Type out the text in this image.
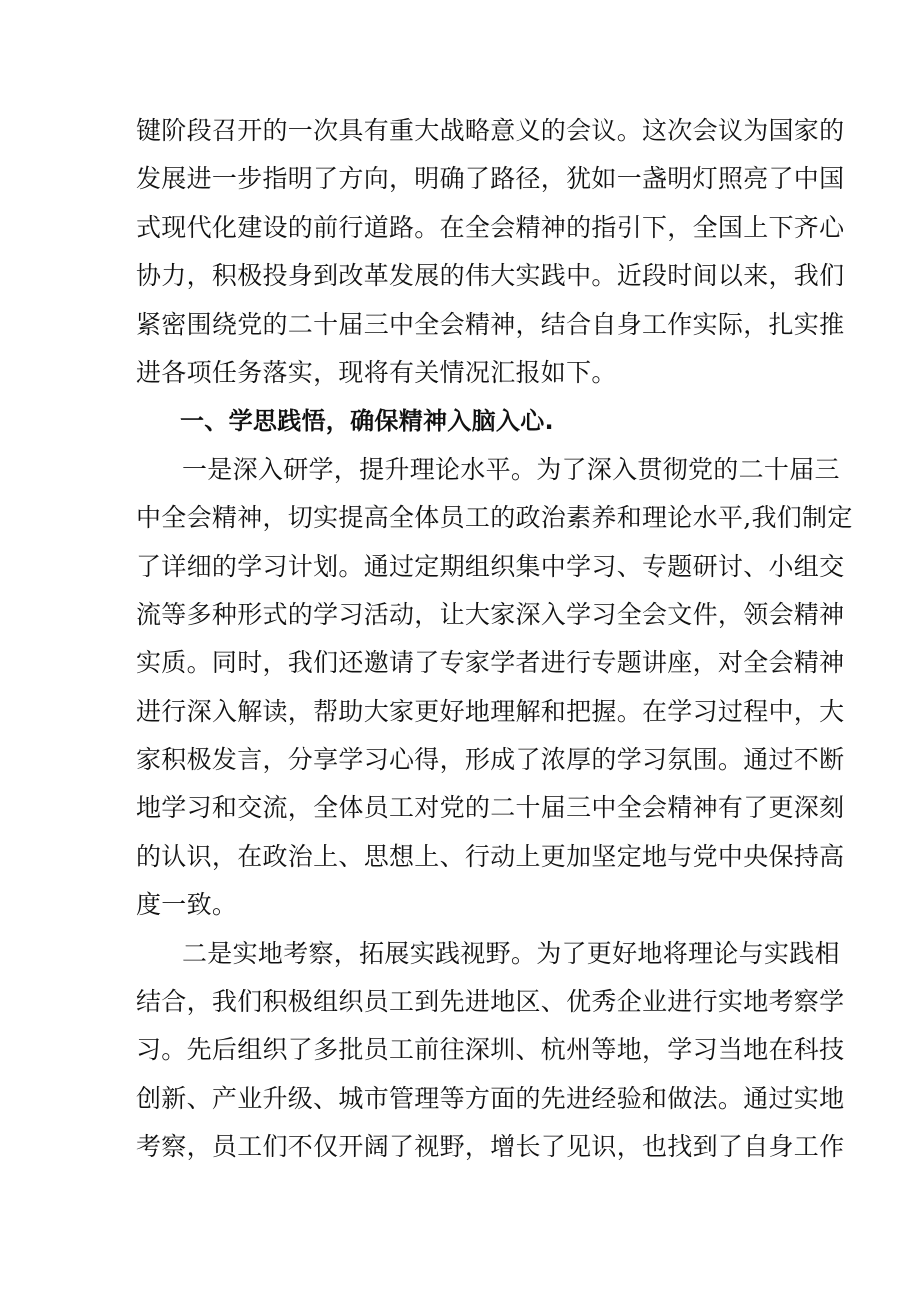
键阶段召开的一次具有重大战略意义的会议。这次会议为国家的
发展进一步指明了方向，明确了路径，犹如一盏明灯照亮了中国
式现代化建设的前行道路。在全会精神的指引下，全国上下齐心
协力，积极投身到改革发展的伟大实践中。近段时间以来，我们
紧密围绕党的二十届三中全会精神，结合自身工作实际，扎实推
进各项任务落实，现将有关情况汇报如下。
一、学思践悟，确保精神入脑入心.
一是深入研学，提升理论水平。为了深入贯彻党的二十届三
中全会精神，切实提高全体员工的政治素养和理论水平,我们制定
了详细的学习计划。通过定期组织集中学习、专题研讨、小组交
流等多种形式的学习活动，让大家深入学习全会文件，领会精神
实质。同时，我们还邀请了专家学者进行专题讲座，对全会精神
进行深入解读，帮助大家更好地理解和把握。在学习过程中，大
家积极发言，分享学习心得，形成了浓厚的学习氛围。通过不断
地学习和交流，全体员工对党的二十届三中全会精神有了更深刻
的认识，在政治上、思想上、行动上更加坚定地与党中央保持高
度一致。
二是实地考察，拓展实践视野。为了更好地将理论与实践相
结合，我们积极组织员工到先进地区、优秀企业进行实地考察学
习。先后组织了多批员工前往深圳、杭州等地，学习当地在科技
创新、产业升级、城市管理等方面的先进经验和做法。通过实地
考察，员工们不仅开阔了视野，增长了见识，也找到了自身工作
